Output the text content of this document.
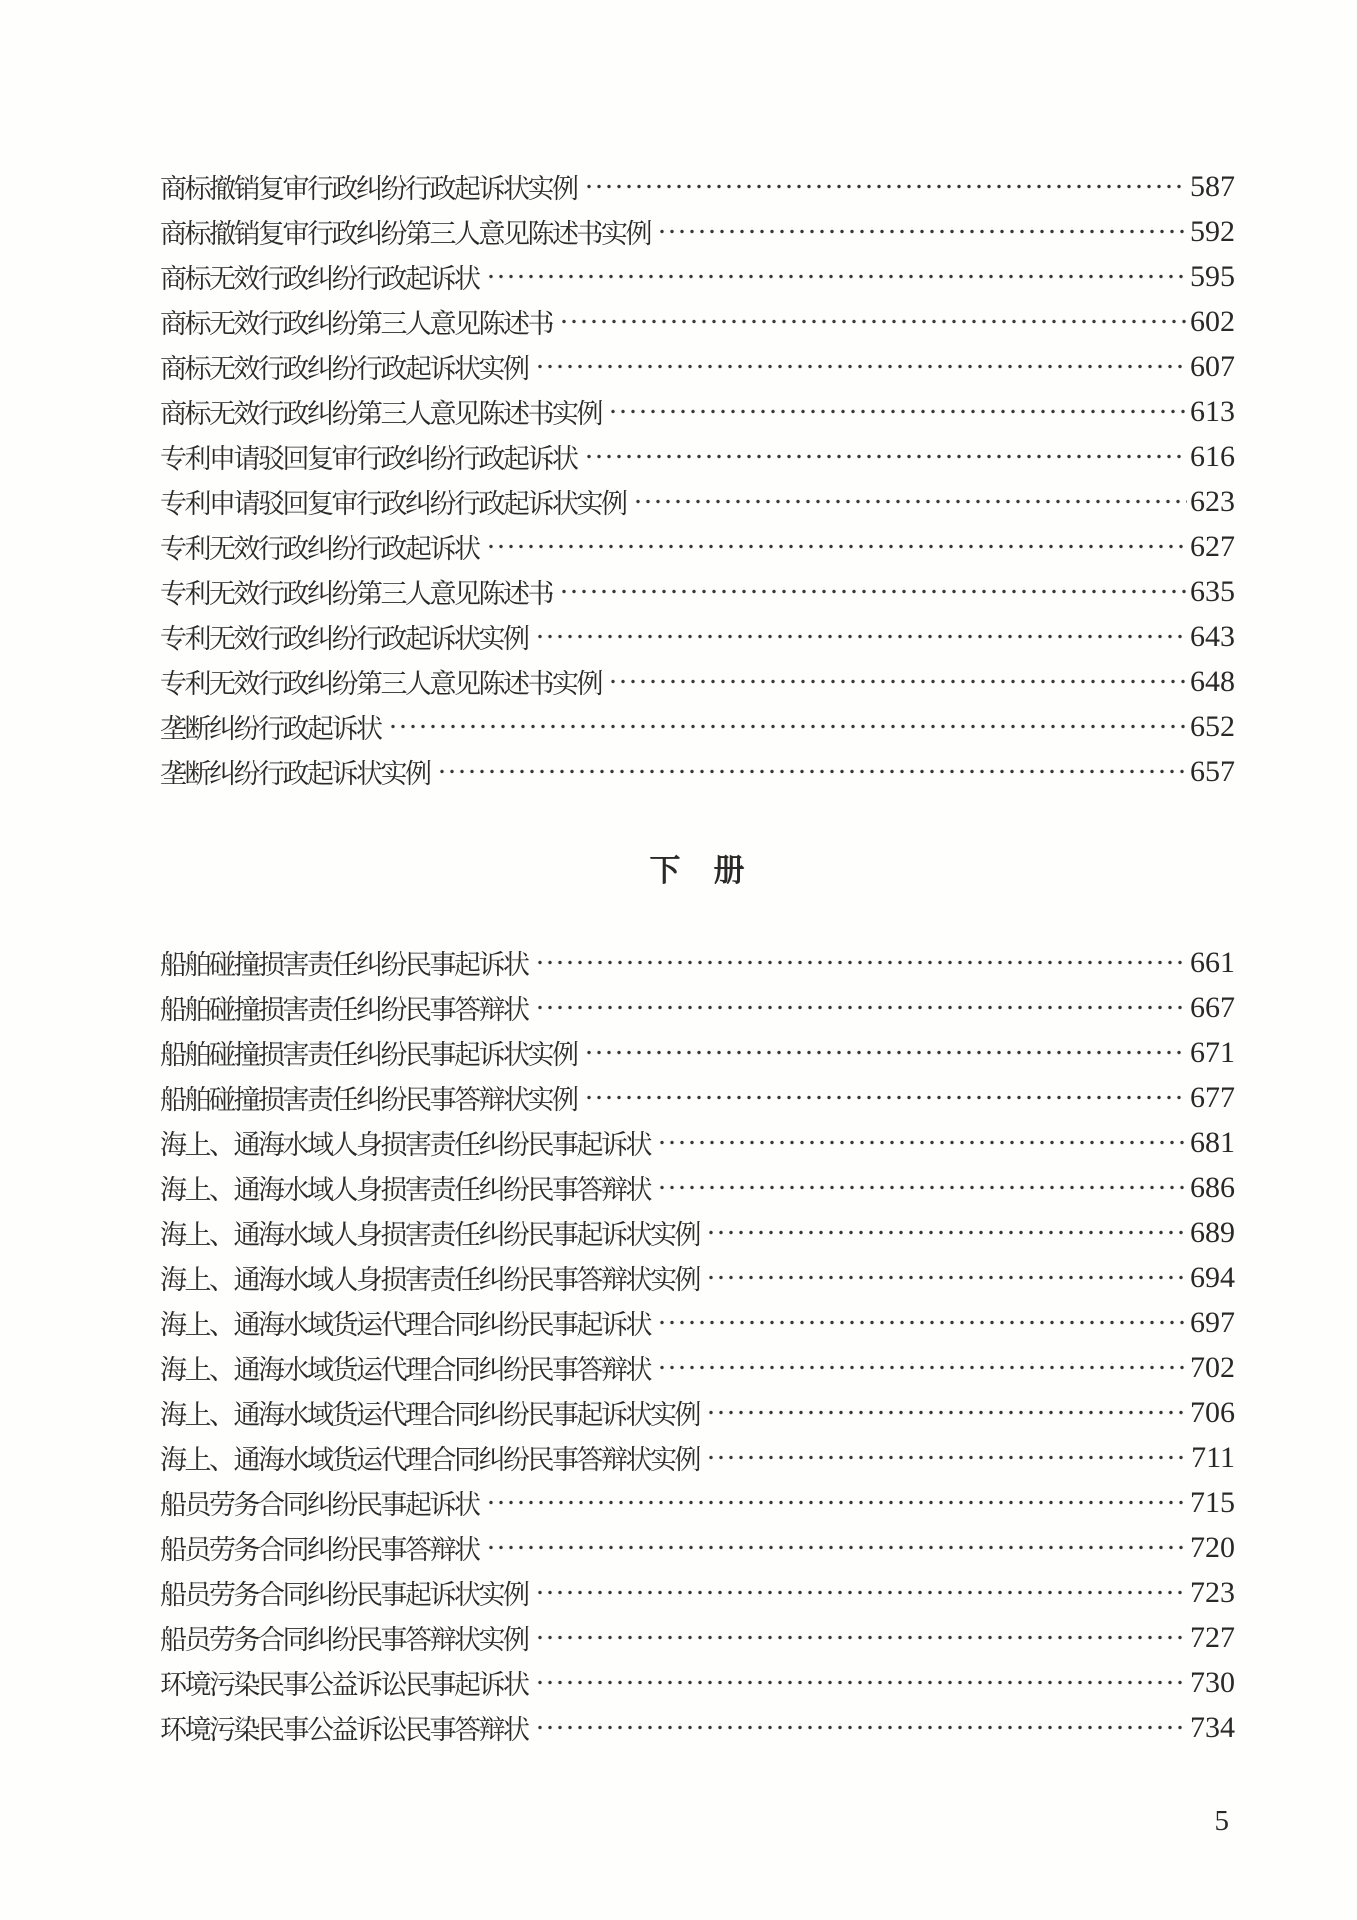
商标撤销复审行政纠纷行政起诉状实例	587
商标撤销复审行政纠纷第三人意见陈述书实例	592
商标无效行政纠纷行政起诉状	595
商标无效行政纠纷第三人意见陈述书	602
商标无效行政纠纷行政起诉状实例	607
商标无效行政纠纷第三人意见陈述书实例	613
专利申请驳回复审行政纠纷行政起诉状	616
专利申请驳回复审行政纠纷行政起诉状实例	623
专利无效行政纠纷行政起诉状	627
专利无效行政纠纷第三人意见陈述书	635
专利无效行政纠纷行政起诉状实例	643
专利无效行政纠纷第三人意见陈述书实例	648
垄断纠纷行政起诉状	652
垄断纠纷行政起诉状实例	657
下　册
船舶碰撞损害责任纠纷民事起诉状	661
船舶碰撞损害责任纠纷民事答辩状	667
船舶碰撞损害责任纠纷民事起诉状实例	671
船舶碰撞损害责任纠纷民事答辩状实例	677
海上、通海水域人身损害责任纠纷民事起诉状	681
海上、通海水域人身损害责任纠纷民事答辩状	686
海上、通海水域人身损害责任纠纷民事起诉状实例	689
海上、通海水域人身损害责任纠纷民事答辩状实例	694
海上、通海水域货运代理合同纠纷民事起诉状	697
海上、通海水域货运代理合同纠纷民事答辩状	702
海上、通海水域货运代理合同纠纷民事起诉状实例	706
海上、通海水域货运代理合同纠纷民事答辩状实例	711
船员劳务合同纠纷民事起诉状	715
船员劳务合同纠纷民事答辩状	720
船员劳务合同纠纷民事起诉状实例	723
船员劳务合同纠纷民事答辩状实例	727
环境污染民事公益诉讼民事起诉状	730
环境污染民事公益诉讼民事答辩状	734
5
